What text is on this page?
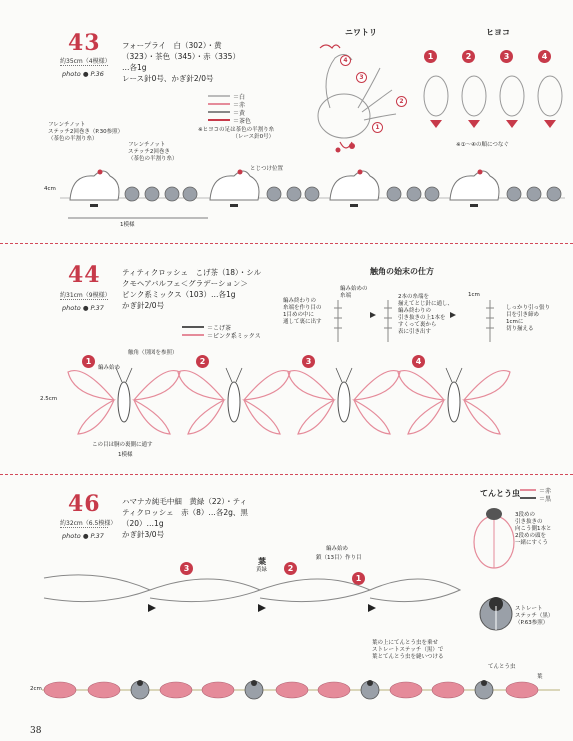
43
約35cm（4模様）
photo ● P.36
フォープライ　白（302）・黄
（323）・茶色（345）・赤（335）
…各1g
レース針0号、かぎ針2/0号
＝白
＝赤
＝黄
＝茶色
※ヒヨコの足は茶色の半割り糸
（レース針0号）
ニワトリ	ヒヨコ
4
3
2
1
1	2	3	4
※①〜④の順につなぐ
フレンチノット
ステッチ2回巻き（P.30参照）
（茶色の半割り糸）
フレンチノット
ステッチ2回巻き
（茶色の半割り糸）
とじつけ位置
4cm
1模様
44
約31cm（9模様）
photo ● P.37
ティティクロッシェ　こげ茶（18）・シル
クモヘアバルフェ＜グラデーション＞
ピンク系ミックス（103）…各1g
かぎ針2/0号
＝こげ茶
＝ピンク系ミックス
触角の始末の仕方
編み終わりの
糸端を作り目の
1目めの中に
通して裏に出す
編み始めの
糸端	2本の糸端を
揃えてとじ針に通し、
編み終わりの
引き抜きの上1本を
すくって裏から
表に引き出す
1cm
しっかり引っ張り
目を引き締め
1cmに
切り揃える
触角（別図を参照）
編み始め
1	2	3	4
2.5cm
この目は胴の裏側に通す
1模様
46
約32cm（6.5模様）
photo ● P.37
ハマナカ純毛中細　黄緑（22）・ティ
ティクロッシェ　赤（8）…各2g、黒
（20）…1g
かぎ針3/0号
てんとう虫	＝赤
＝黒
3段めの
引き抜きの
向こう側1本と
2段めの頭を
一緒にすくう
ストレート
ステッチ（黒）
（P.63参照）
葉
黄緑
編み始め
鎖（13目）作り目
3	2
1
葉の上にてんとう虫を乗せ
ストレートステッチ（黒）で
葉とてんとう虫を縫いつける
てんとう虫
葉
2cm
38
